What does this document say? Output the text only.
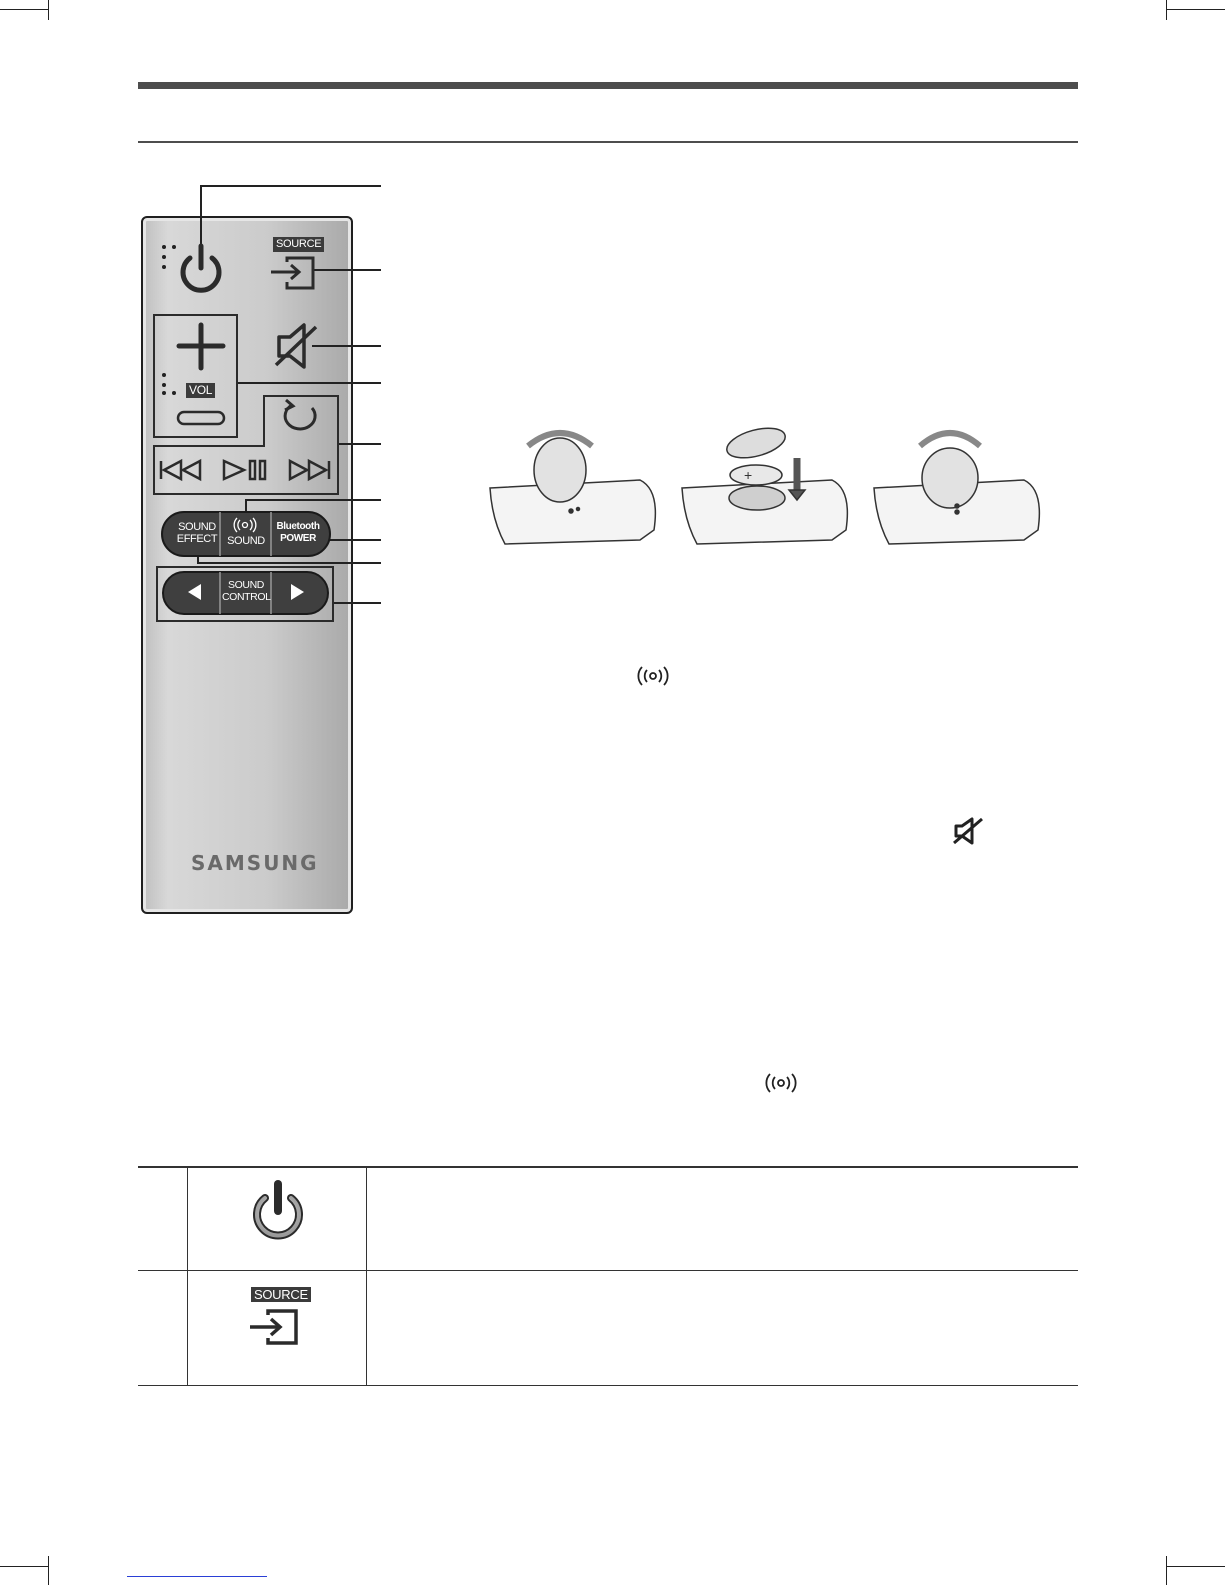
+
SOURCE
VOL
SOUND EFFECT SOUND
Bluetooth POWER
SOUND CONTROL
SAMSUNG
SOURCE
